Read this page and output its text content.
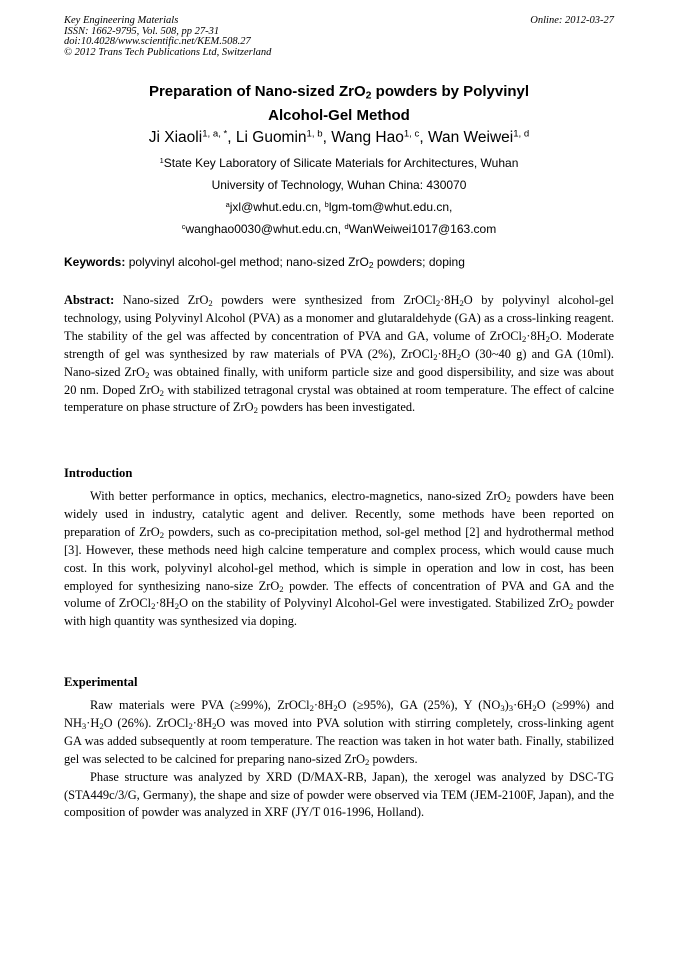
Key Engineering Materials
ISSN: 1662-9795, Vol. 508, pp 27-31
doi:10.4028/www.scientific.net/KEM.508.27
© 2012 Trans Tech Publications Ltd, Switzerland
Online: 2012-03-27
Preparation of Nano-sized ZrO$_2$ powders by Polyvinyl
Alcohol-Gel Method
Ji Xiaoli$^{1, a, *}$, Li Guomin$^{1, b}$, Wang Hao$^{1, c}$, Wan Weiwei$^{1, d}$
$^1$State Key Laboratory of Silicate Materials for Architectures, Wuhan
University of Technology, Wuhan China: 430070
$^a$jxl@whut.edu.cn, $^b$lgm-tom@whut.edu.cn,
$^c$wanghao0030@whut.edu.cn, $^d$WanWeiwei1017@163.com
Keywords: polyvinyl alcohol-gel method; nano-sized ZrO$_2$ powders; doping
Abstract: Nano-sized ZrO$_2$ powders were synthesized from $ZrOCl_2\cdot 8H_2O$ by polyvinyl alcohol-gel technology, using Polyvinyl Alcohol (PVA) as a monomer and glutaraldehyde (GA) as a cross-linking reagent. The stability of the gel was affected by concentration of PVA and GA, volume of $ZrOCl_2\cdot 8H_2O$. Moderate strength of gel was synthesized by raw materials of PVA (2%), $ZrOCl_2\cdot 8H_2O$ (30~40 g) and GA (10ml). Nano-sized ZrO$_2$ was obtained finally, with uniform particle size and good dispersibility, and size was about 20 nm. Doped ZrO$_2$ with stabilized tetragonal crystal was obtained at room temperature. The effect of calcine temperature on phase structure of ZrO$_2$ powders has been investigated.
Introduction

With better performance in optics, mechanics, electro-magnetics, nano-sized ZrO$_2$ powders have been widely used in industry, catalytic agent and deliver. Recently, some methods have been reported on preparation of ZrO$_2$ powders, such as co-precipitation method, sol-gel method [2] and hydrothermal method [3]. However, these methods need high calcine temperature and complex process, which would cause much cost. In this work, polyvinyl alcohol-gel method, which is simple in operation and low in cost, has been employed for synthesizing nano-size ZrO$_2$ powder. The effects of concentration of PVA and GA and the volume of $ZrOCl_2\cdot 8H_2O$ on the stability of Polyvinyl Alcohol-Gel were investigated. Stabilized ZrO$_2$ powder with high quantity was synthesized via doping.

Experimental

Raw materials were PVA (≥99%), $ZrOCl_2\cdot 8H_2O$ (≥95%), GA (25%), Y $(NO_3)_3\cdot 6H_2O$ (≥99%) and $NH_3\cdot H_2O$ (26%). $ZrOCl_2\cdot 8H_2O$ was moved into PVA solution with stirring completely, cross-linking agent GA was added subsequently at room temperature. The reaction was taken in hot water bath. Finally, stabilized gel was selected to be calcined for preparing nano-sized ZrO$_2$ powders.

Phase structure was analyzed by XRD (D/MAX-RB, Japan), the xerogel was analyzed by DSC-TG (STA449c/3/G, Germany), the shape and size of powder were observed via TEM (JEM-2100F, Japan), and the composition of powder was analyzed in XRF (JY/T 016-1996, Holland).
